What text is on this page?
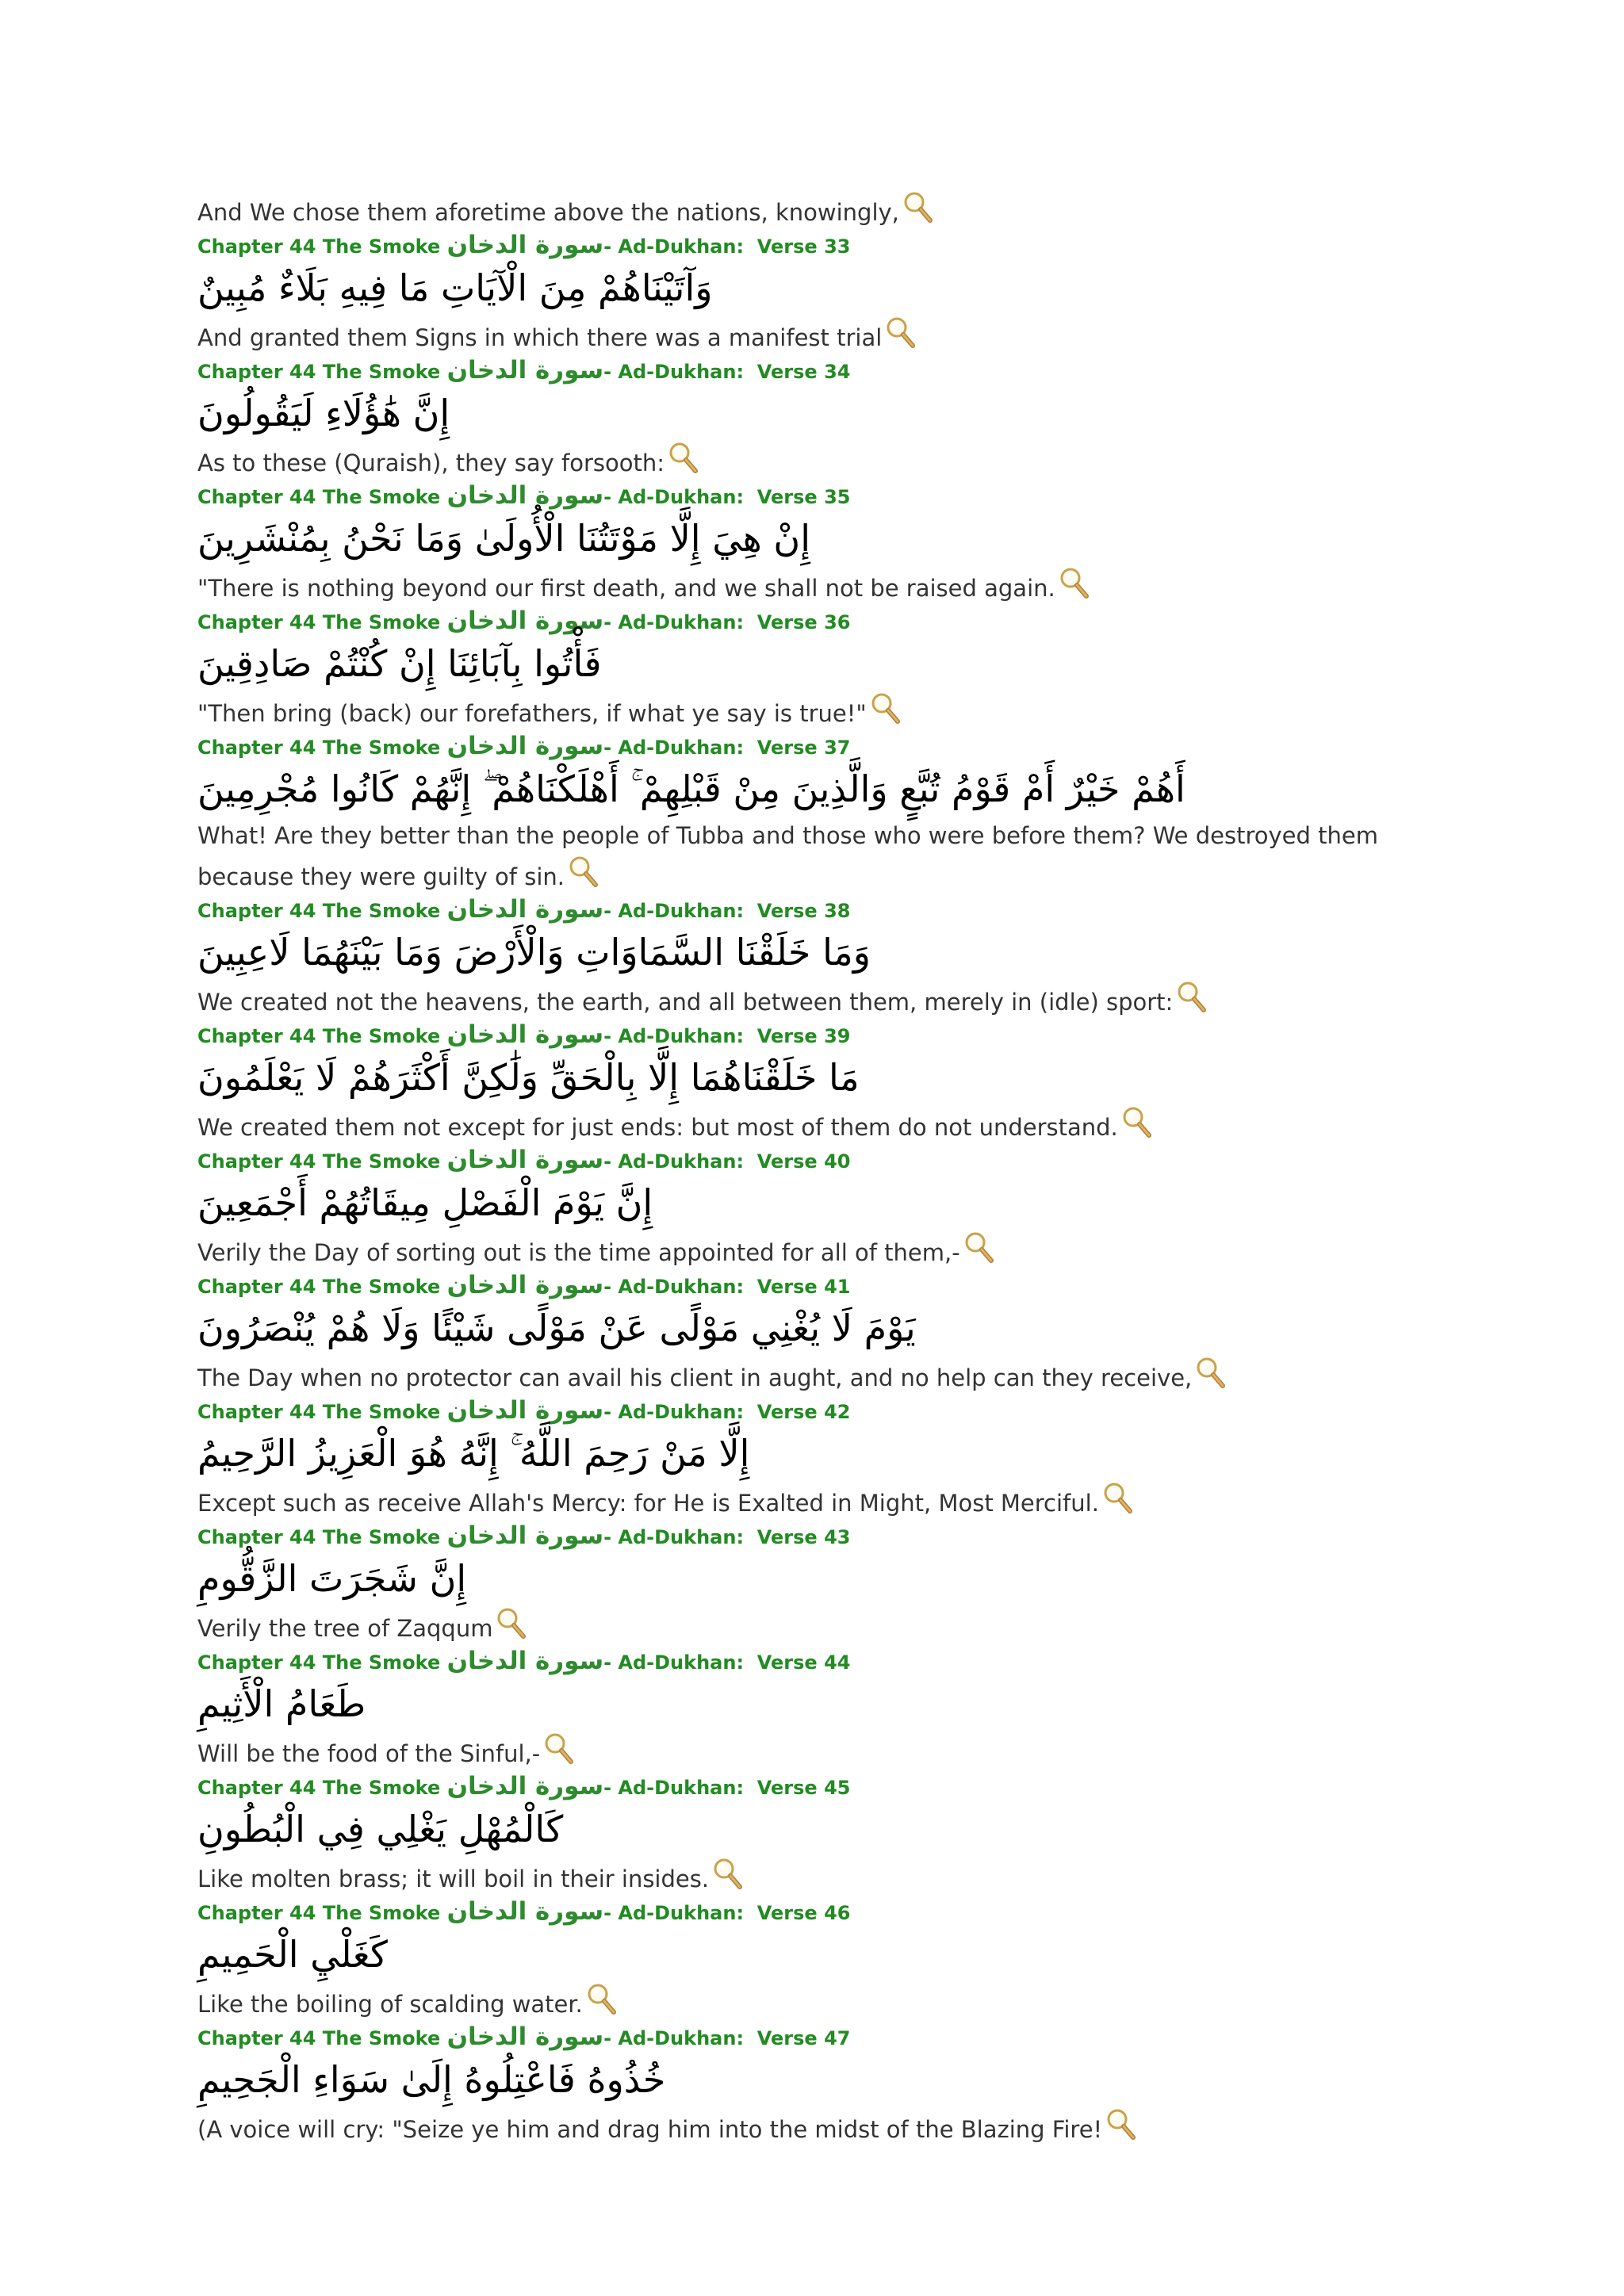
And We chose them aforetime above the nations, knowingly,

Chapter 44 The Smoke سورة الدخان- Ad-Dukhan: Verse 33

وَآتَيْنَاهُمْ مِنَ الْآيَاتِ مَا فِيهِ بَلَاءٌ مُبِينٌ

And granted them Signs in which there was a manifest trial

Chapter 44 The Smoke سورة الدخان- Ad-Dukhan: Verse 34

إِنَّ هَٰؤُلَاءِ لَيَقُولُونَ

As to these (Quraish), they say forsooth:

Chapter 44 The Smoke سورة الدخان- Ad-Dukhan: Verse 35

إِنْ هِيَ إِلَّا مَوْتَتُنَا الْأُولَىٰ وَمَا نَحْنُ بِمُنْشَرِينَ

"There is nothing beyond our first death, and we shall not be raised again.

Chapter 44 The Smoke سورة الدخان- Ad-Dukhan: Verse 36

فَأْتُوا بِآبَائِنَا إِنْ كُنْتُمْ صَادِقِينَ

"Then bring (back) our forefathers, if what ye say is true!"

Chapter 44 The Smoke سورة الدخان- Ad-Dukhan: Verse 37

أَهُمْ خَيْرٌ أَمْ قَوْمُ تُبَّعٍ وَالَّذِينَ مِنْ قَبْلِهِمْ ۚ أَهْلَكْنَاهُمْ ۖ إِنَّهُمْ كَانُوا مُجْرِمِينَ

What! Are they better than the people of Tubba and those who were before them? We destroyed them because they were guilty of sin.

Chapter 44 The Smoke سورة الدخان- Ad-Dukhan: Verse 38

وَمَا خَلَقْنَا السَّمَاوَاتِ وَالْأَرْضَ وَمَا بَيْنَهُمَا لَاعِبِينَ

We created not the heavens, the earth, and all between them, merely in (idle) sport:

Chapter 44 The Smoke سورة الدخان- Ad-Dukhan: Verse 39

مَا خَلَقْنَاهُمَا إِلَّا بِالْحَقِّ وَلَٰكِنَّ أَكْثَرَهُمْ لَا يَعْلَمُونَ

We created them not except for just ends: but most of them do not understand.

Chapter 44 The Smoke سورة الدخان- Ad-Dukhan: Verse 40

إِنَّ يَوْمَ الْفَصْلِ مِيقَاتُهُمْ أَجْمَعِينَ

Verily the Day of sorting out is the time appointed for all of them,-

Chapter 44 The Smoke سورة الدخان- Ad-Dukhan: Verse 41

يَوْمَ لَا يُغْنِي مَوْلًى عَنْ مَوْلًى شَيْئًا وَلَا هُمْ يُنْصَرُونَ

The Day when no protector can avail his client in aught, and no help can they receive,

Chapter 44 The Smoke سورة الدخان- Ad-Dukhan: Verse 42

إِلَّا مَنْ رَحِمَ اللَّهُ ۚ إِنَّهُ هُوَ الْعَزِيزُ الرَّحِيمُ

Except such as receive Allah's Mercy: for He is Exalted in Might, Most Merciful.

Chapter 44 The Smoke سورة الدخان- Ad-Dukhan: Verse 43

إِنَّ شَجَرَتَ الزَّقُّومِ

Verily the tree of Zaqqum

Chapter 44 The Smoke سورة الدخان- Ad-Dukhan: Verse 44

طَعَامُ الْأَثِيمِ

Will be the food of the Sinful,-

Chapter 44 The Smoke سورة الدخان- Ad-Dukhan: Verse 45

كَالْمُهْلِ يَغْلِي فِي الْبُطُونِ

Like molten brass; it will boil in their insides.

Chapter 44 The Smoke سورة الدخان- Ad-Dukhan: Verse 46

كَغَلْيِ الْحَمِيمِ

Like the boiling of scalding water.

Chapter 44 The Smoke سورة الدخان- Ad-Dukhan: Verse 47

خُذُوهُ فَاعْتِلُوهُ إِلَىٰ سَوَاءِ الْجَحِيمِ

(A voice will cry: "Seize ye him and drag him into the midst of the Blazing Fire!
